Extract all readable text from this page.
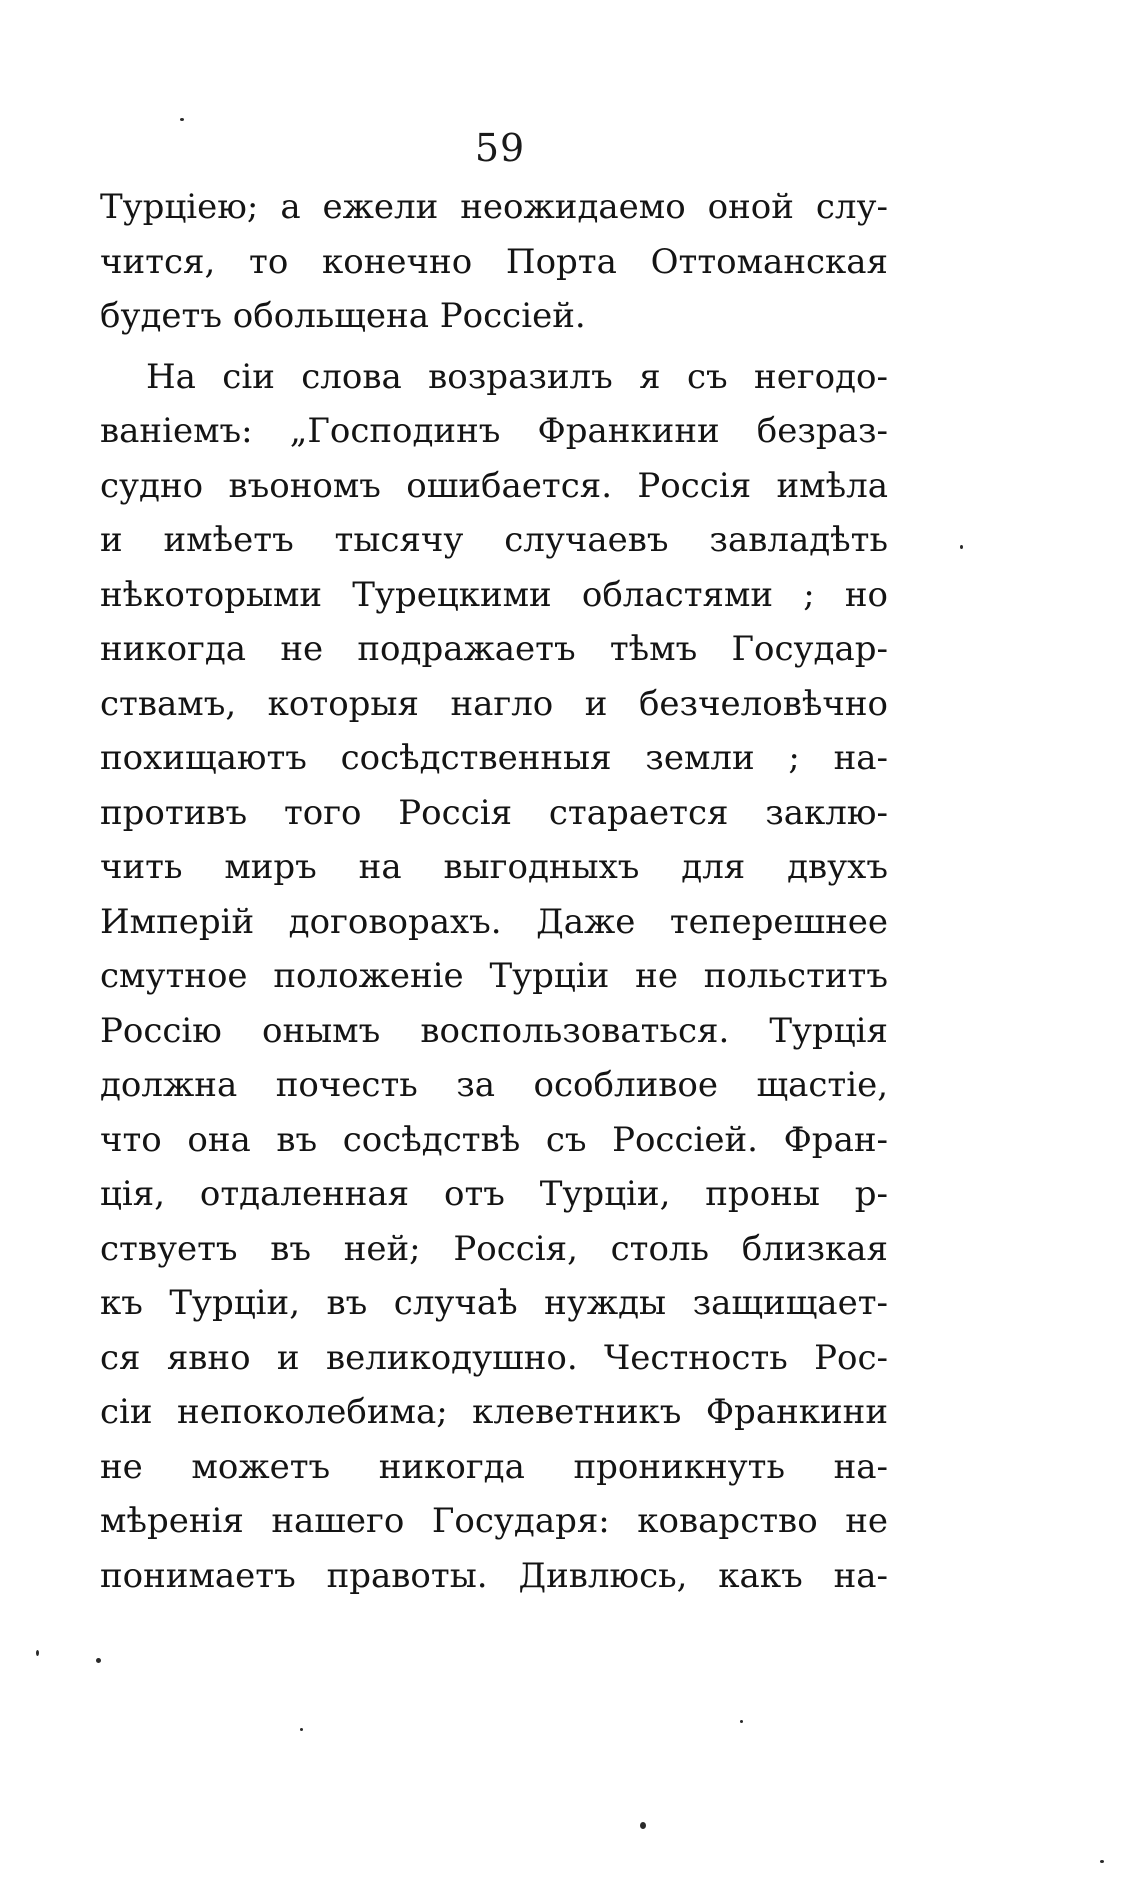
59
Турціею; а ежели неожидаемо оной слу-
чится, то конечно Порта Оттоманская
будетъ обольщена Россіей.
На сіи слова возразилъ я съ негодо-
ваніемъ: „Господинъ Франкини безраз-
судно въономъ ошибается. Россія имѣла
и имѣетъ тысячу случаевъ завладѣть
нѣкоторыми Турецкими областями ; но
никогда не подражаетъ тѣмъ Государ-
ствамъ, которыя нагло и безчеловѣчно
похищаютъ сосѣдственныя земли ; на-
противъ того Россія старается заклю-
чить миръ на выгодныхъ для двухъ
Имперій договорахъ. Даже теперешнее
смутное положеніе Турціи не польститъ
Россію онымъ воспользоваться. Турція
должна почесть за особливое щастіе,
что она въ сосѣдствѣ съ Россіей. Фран-
ція, отдаленная отъ Турціи, проны р-
ствуетъ въ ней; Россія, столь близкая
къ Турціи, въ случаѣ нужды защищает-
ся явно и великодушно. Честность Рос-
сіи непоколебима; клеветникъ Франкини
не можетъ никогда проникнуть на-
мѣренія нашего Государя: коварство не
понимаетъ правоты. Дивлюсь, какъ на-
